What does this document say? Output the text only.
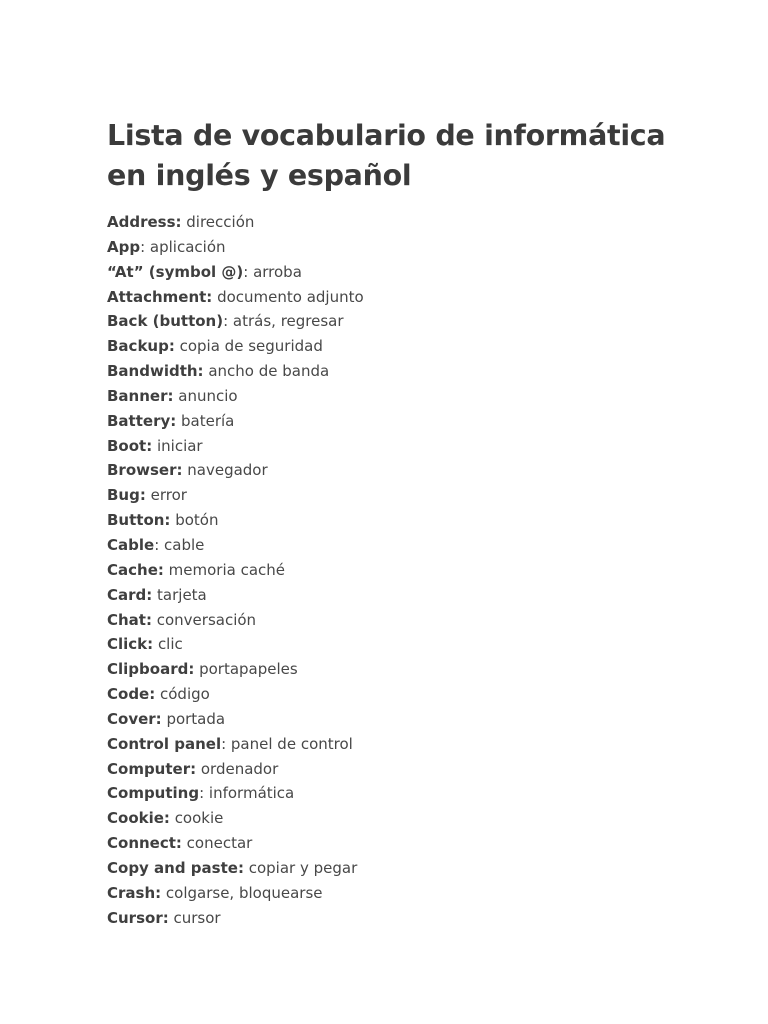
Lista de vocabulario de informática en inglés y español
Address: dirección
App: aplicación
“At” (symbol @): arroba
Attachment: documento adjunto
Back (button): atrás, regresar
Backup: copia de seguridad
Bandwidth: ancho de banda
Banner: anuncio
Battery: batería
Boot: iniciar
Browser: navegador
Bug: error
Button: botón
Cable: cable
Cache: memoria caché
Card: tarjeta
Chat: conversación
Click: clic
Clipboard: portapapeles
Code: código
Cover: portada
Control panel: panel de control
Computer: ordenador
Computing: informática
Cookie: cookie
Connect: conectar
Copy and paste: copiar y pegar
Crash: colgarse, bloquearse
Cursor: cursor
